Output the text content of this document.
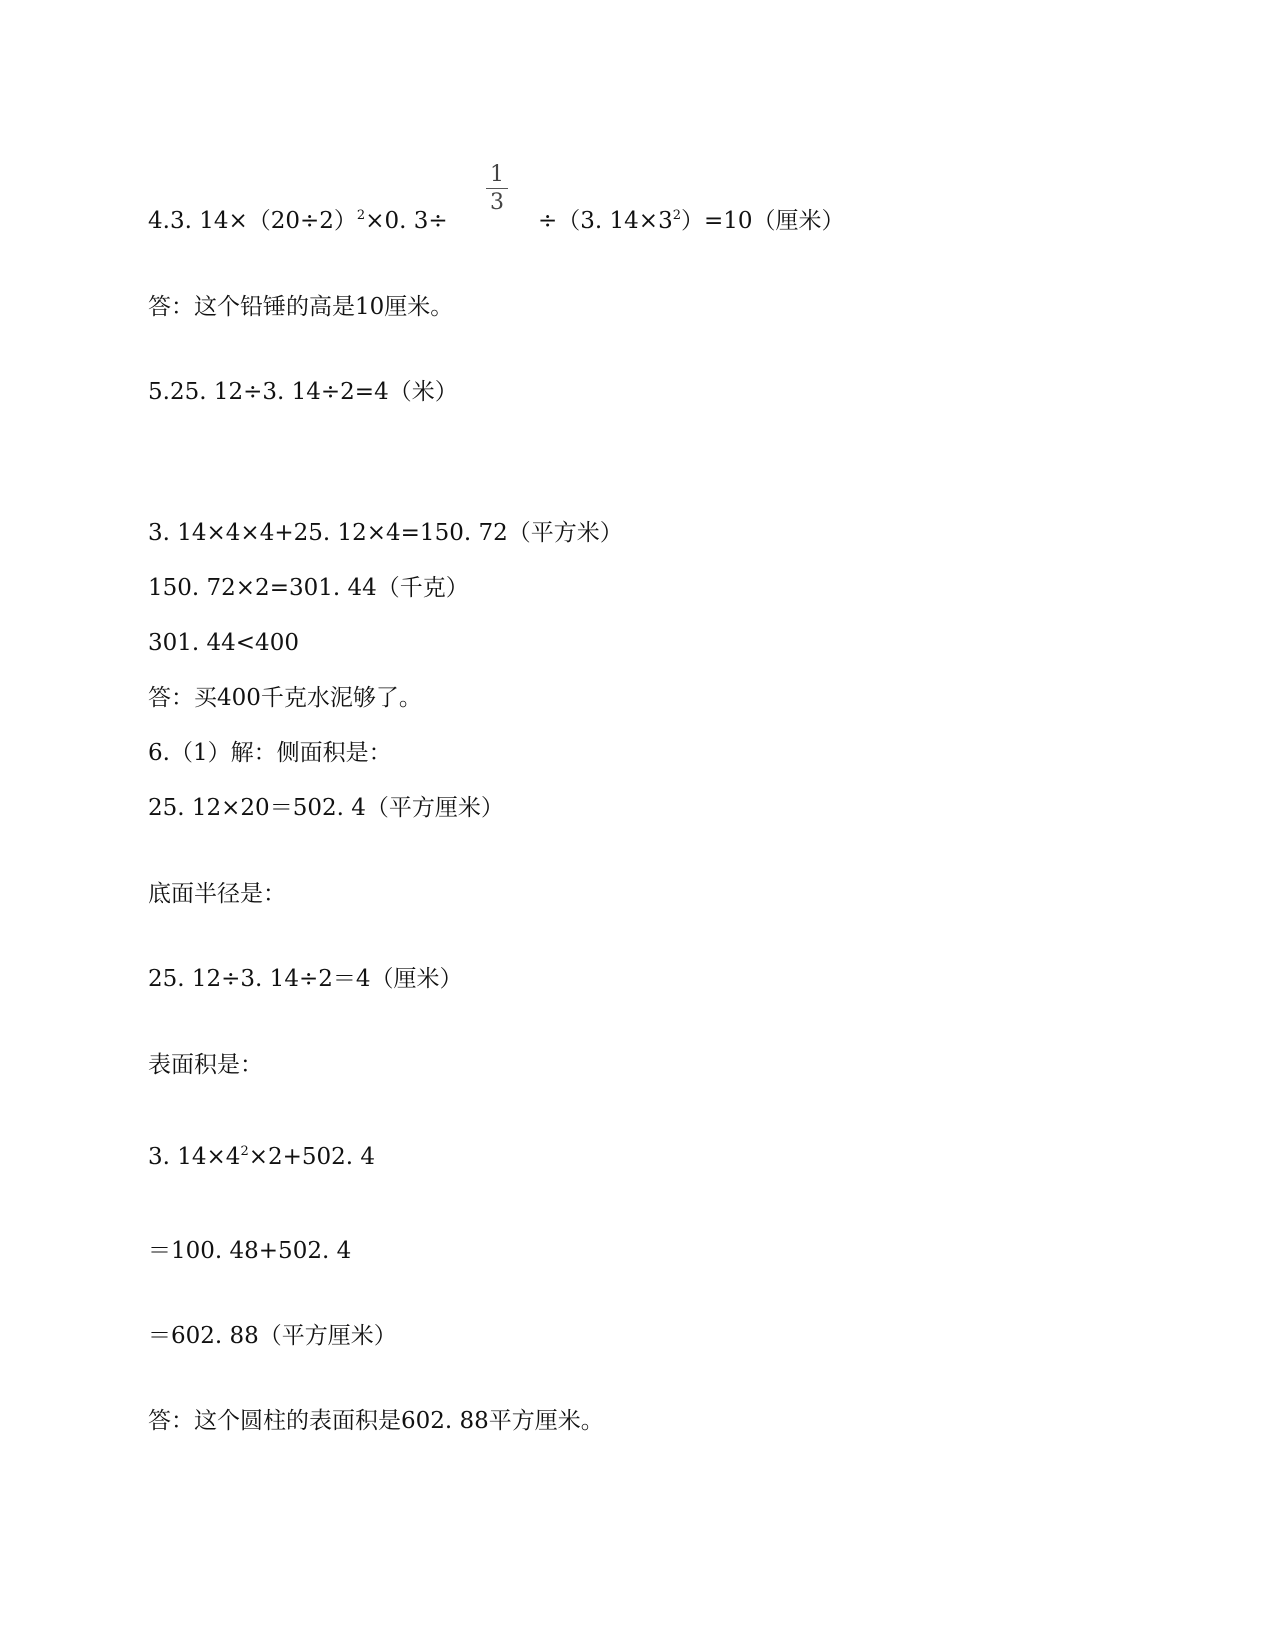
4.3. $14\times(20\div 2)^2\times 0$. 3÷
1
3
÷（3. $14\times 3^2)=10$（厘米）
答：这个铅锤的高是10厘米。
5.25. 12÷3. 14÷2=4（米）
3. 14×4×4+25. 12×4=150. 72（平方米）
150. 72×2=301. 44（千克）
301. 44<400
答：买400千克水泥够了。
6.（1）解：侧面积是：
25. 12×20＝502. 4（平方厘米）
底面半径是：
25. 12÷3. 14÷2＝4（厘米）
表面积是：
3. $14\times 4^2\times 2+502$. 4
＝100. 48+502. 4
＝602. 88（平方厘米）
答：这个圆柱的表面积是602. 88平方厘米。
